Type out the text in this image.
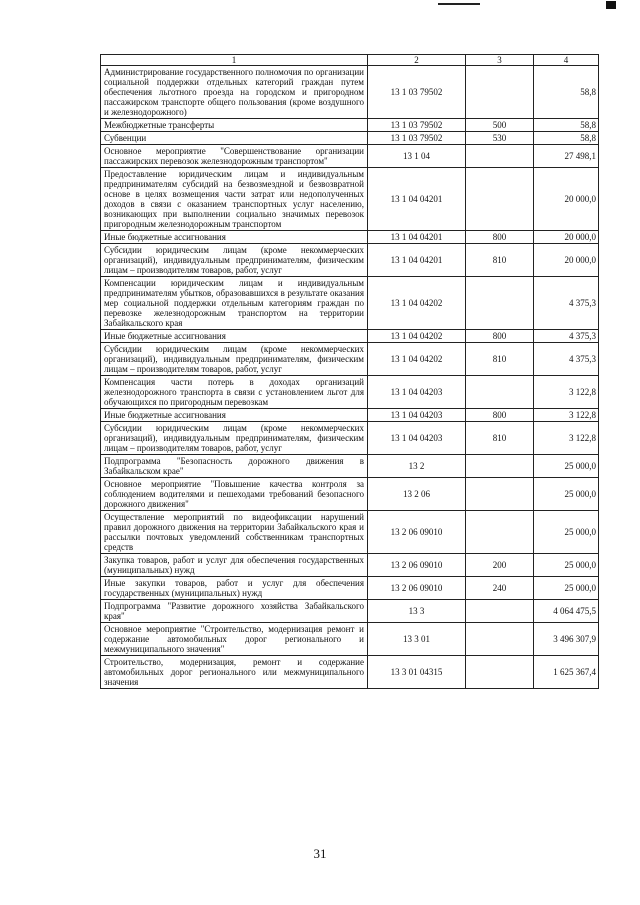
1	2	3	4
Администрирование государственного полномочия по организации социальной поддержки отдельных категорий граждан путем обеспечения льготного проезда на городском и пригородном пассажирском транспорте общего пользования (кроме воздушного и железнодорожного)	13 1 03 79502		58,8
Межбюджетные трансферты	13 1 03 79502	500	58,8
Субвенции	13 1 03 79502	530	58,8
Основное мероприятие "Совершенствование организации пассажирских перевозок железнодорожным транспортом"	13 1 04		27 498,1
Предоставление юридическим лицам и индивидуальным предпринимателям субсидий на безвозмездной и безвозвратной основе в целях возмещения части затрат или недополученных доходов в связи с оказанием транспортных услуг населению, возникающих при выполнении социально значимых перевозок пригородным железнодорожным транспортом	13 1 04 04201		20 000,0
Иные бюджетные ассигнования	13 1 04 04201	800	20 000,0
Субсидии юридическим лицам (кроме некоммерческих организаций), индивидуальным предпринимателям, физическим лицам – производителям товаров, работ, услуг	13 1 04 04201	810	20 000,0
Компенсации юридическим лицам и индивидуальным предпринимателям убытков, образовавшихся в результате оказания мер социальной поддержки отдельным категориям граждан по перевозке железнодорожным транспортом на территории Забайкальского края	13 1 04 04202		4 375,3
Иные бюджетные ассигнования	13 1 04 04202	800	4 375,3
Субсидии юридическим лицам (кроме некоммерческих организаций), индивидуальным предпринимателям, физическим лицам – производителям товаров, работ, услуг	13 1 04 04202	810	4 375,3
Компенсация части потерь в доходах организаций железнодорожного транспорта в связи с установлением льгот для обучающихся по пригородным перевозкам	13 1 04 04203		3 122,8
Иные бюджетные ассигнования	13 1 04 04203	800	3 122,8
Субсидии юридическим лицам (кроме некоммерческих организаций), индивидуальным предпринимателям, физическим лицам – производителям товаров, работ, услуг	13 1 04 04203	810	3 122,8
Подпрограмма "Безопасность дорожного движения в Забайкальском крае"	13 2		25 000,0
Основное мероприятие "Повышение качества контроля за соблюдением водителями и пешеходами требований безопасного дорожного движения"	13 2 06		25 000,0
Осуществление мероприятий по видеофиксации нарушений правил дорожного движения на территории Забайкальского края и рассылки почтовых уведомлений собственникам транспортных средств	13 2 06 09010		25 000,0
Закупка товаров, работ и услуг для обеспечения государственных (муниципальных) нужд	13 2 06 09010	200	25 000,0
Иные закупки товаров, работ и услуг для обеспечения государственных (муниципальных) нужд	13 2 06 09010	240	25 000,0
Подпрограмма "Развитие дорожного хозяйства Забайкальского края"	13 3		4 064 475,5
Основное мероприятие "Строительство, модернизация ремонт и содержание автомобильных дорог регионального и межмуниципального значения"	13 3 01		3 496 307,9
Строительство, модернизация, ремонт и содержание автомобильных дорог регионального или межмуниципального значения	13 3 01 04315		1 625 367,4
31
